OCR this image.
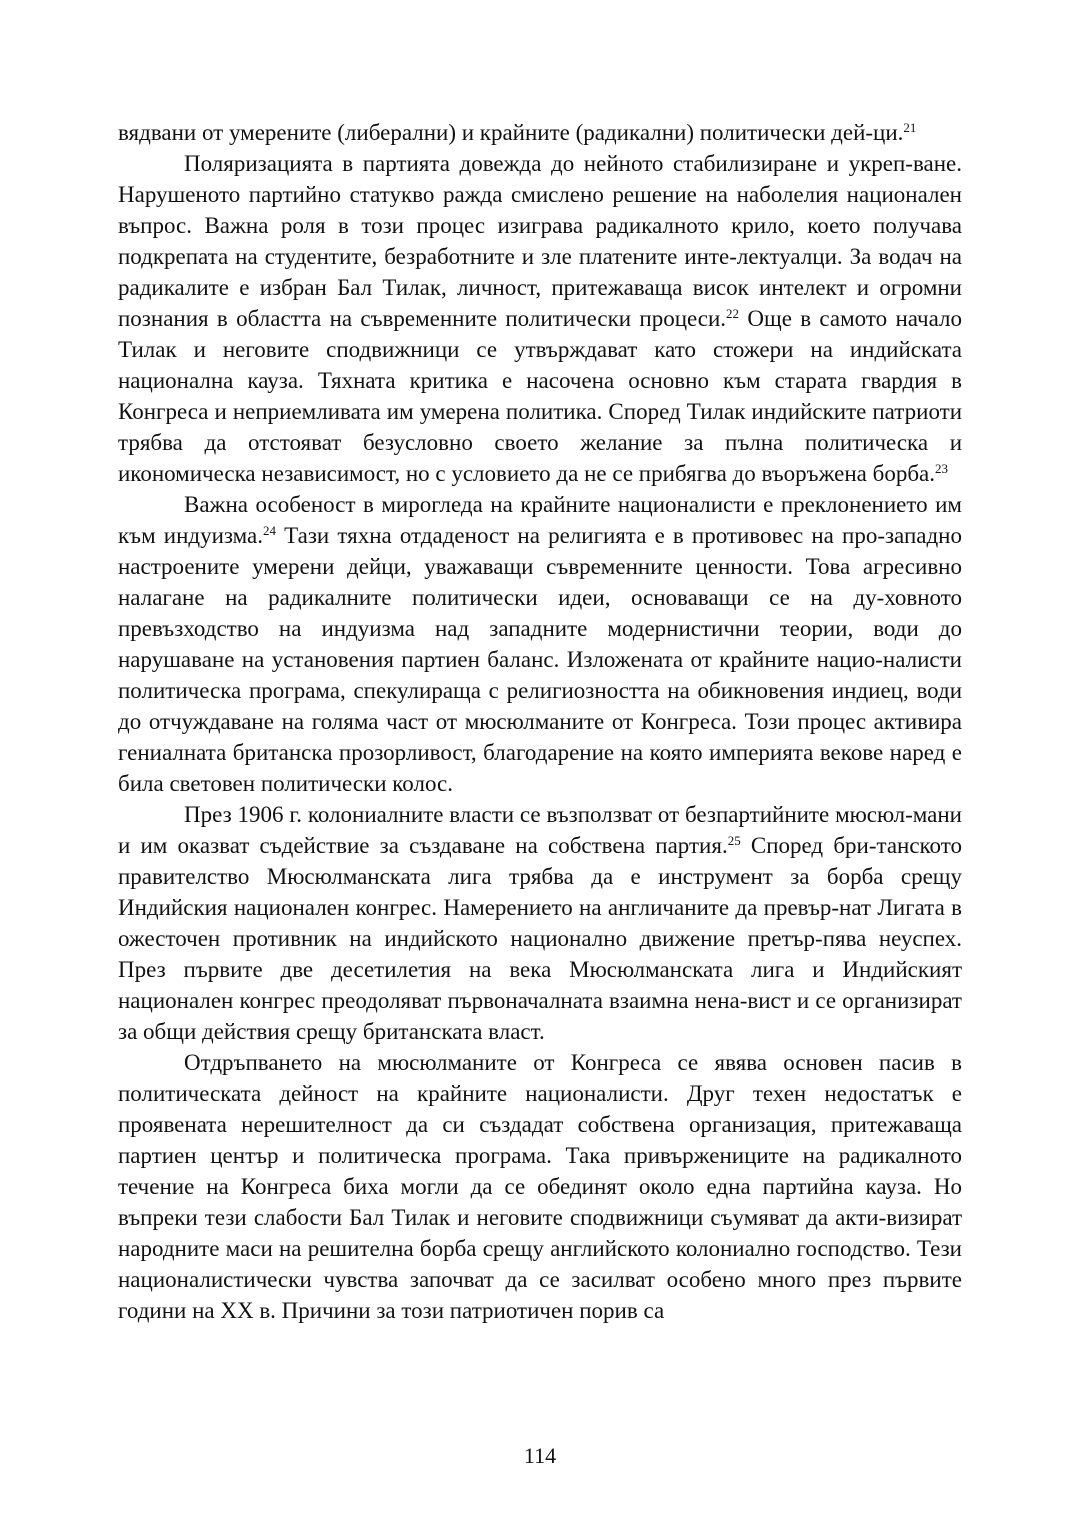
вядвани от умерените (либерални) и крайните (радикални) политически дей-ци.$^{21}$

Поляризацията в партията довежда до нейното стабилизиране и укреп-ване. Нарушеното партийно статукво ражда смислено решение на наболелия национален въпрос. Важна роля в този процес изиграва радикалното крило, което получава подкрепата на студентите, безработните и зле платените инте-лектуалци. За водач на радикалите е избран Бал Тилак, личност, притежаваща висок интелект и огромни познания в областта на съвременните политически процеси.$^{22}$ Още в самото начало Тилак и неговите сподвижници се утвърждават като стожери на индийската национална кауза. Тяхната критика е насочена основно към старата гвардия в Конгреса и неприемливата им умерена политика. Според Тилак индийските патриоти трябва да отстояват безусловно своето желание за пълна политическа и икономическа независимост, но с условието да не се прибягва до въоръжена борба.$^{23}$

Важна особеност в мирогледа на крайните националисти е преклонението им към индуизма.$^{24}$ Тази тяхна отдаденост на религията е в противовес на про-западно настроените умерени дейци, уважаващи съвременните ценности. Това агресивно налагане на радикалните политически идеи, основаващи се на ду-ховното превъзходство на индуизма над западните модернистични теории, води до нарушаване на установения партиен баланс. Изложената от крайните нацио-налисти политическа програма, спекулираща с религиозността на обикновения индиец, води до отчуждаване на голяма част от мюсюлманите от Конгреса. Този процес активира гениалната британска прозорливост, благодарение на която империята векове наред е била световен политически колос.

През 1906 г. колониалните власти се възползват от безпартийните мюсюл-мани и им оказват съдействие за създаване на собствена партия.$^{25}$ Според бри-танското правителство Мюсюлманската лига трябва да е инструмент за борба срещу Индийския национален конгрес. Намерението на англичаните да превър-нат Лигата в ожесточен противник на индийското национално движение претър-пява неуспех. През първите две десетилетия на века Мюсюлманската лига и Индийският национален конгрес преодоляват първоначалната взаимна нена-вист и се организират за общи действия срещу британската власт.

Отдръпването на мюсюлманите от Конгреса се явява основен пасив в политическата дейност на крайните националисти. Друг техен недостатък е проявената нерешителност да си създадат собствена организация, притежаваща партиен център и политическа програма. Така привържениците на радикалното течение на Конгреса биха могли да се обединят около една партийна кауза. Но въпреки тези слабости Бал Тилак и неговите сподвижници съумяват да акти-визират народните маси на решителна борба срещу английското колониално господство. Тези националистически чувства започват да се засилват особено много през първите години на XX в. Причини за този патриотичен порив са

114
